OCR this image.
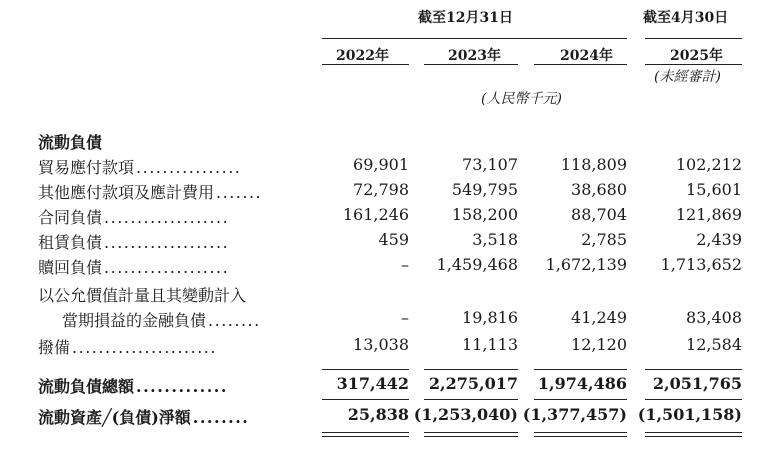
截至12月31日	截至4月30日
2022年	2023年	2024年	2025年
(未經審計)
(人民幣千元)
流動負債
貿易應付款項 ................	69,901	73,107	118,809	102,212
其他應付款項及應計費用 .......	72,798	549,795	38,680	15,601
合同負債 ...................	161,246	158,200	88,704	121,869
租賃負債 ...................	459	3,518	2,785	2,439
贖回負債 ...................	– 1,459,468 1,672,139 1,713,652
以公允價值計量且其變動計入
當期損益的金融負債 ........	–	19,816	41,249	83,408
撥備 ......................	13,038	11,113	12,120	12,584
流動負債總額 .............	317,442 2,275,017 1,974,486 2,051,765
流動資產╱(負債)淨額 ........	25,838 (1,253,040) (1,377,457) (1,501,158)
